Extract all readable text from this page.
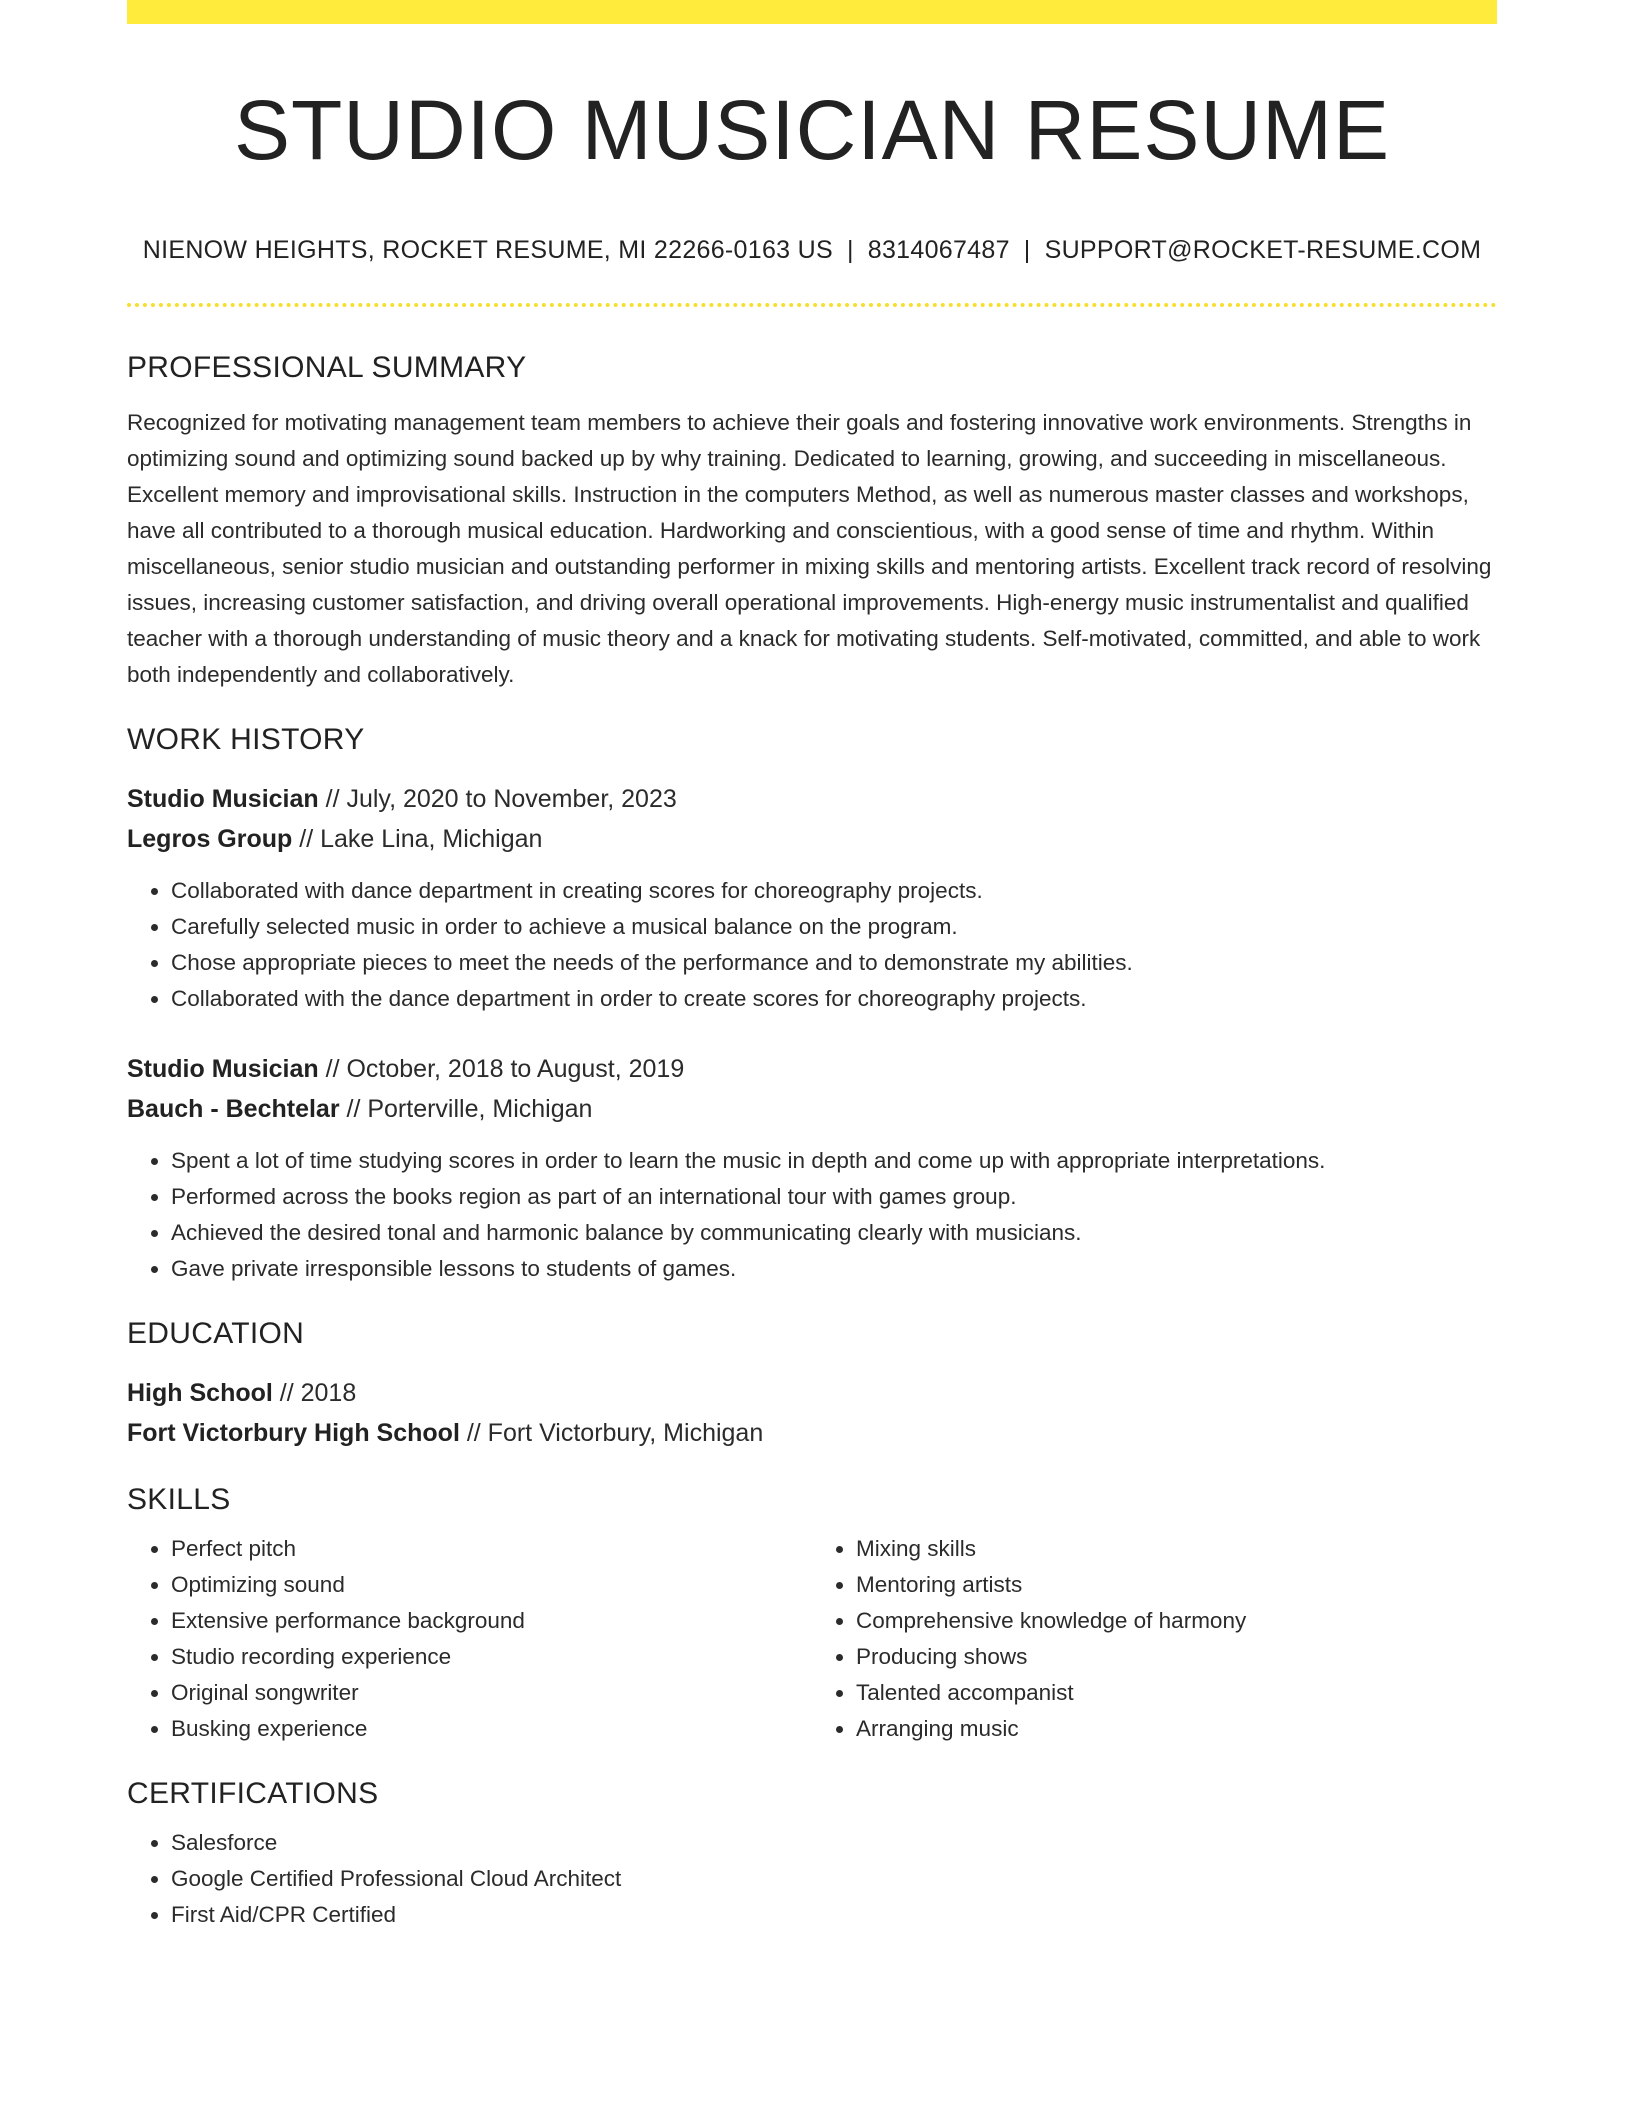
STUDIO MUSICIAN RESUME
NIENOW HEIGHTS, ROCKET RESUME, MI 22266-0163 US | 8314067487 | SUPPORT@ROCKET-RESUME.COM
PROFESSIONAL SUMMARY

Recognized for motivating management team members to achieve their goals and fostering innovative work environments. Strengths in optimizing sound and optimizing sound backed up by why training. Dedicated to learning, growing, and succeeding in miscellaneous. Excellent memory and improvisational skills. Instruction in the computers Method, as well as numerous master classes and workshops, have all contributed to a thorough musical education. Hardworking and conscientious, with a good sense of time and rhythm. Within miscellaneous, senior studio musician and outstanding performer in mixing skills and mentoring artists. Excellent track record of resolving issues, increasing customer satisfaction, and driving overall operational improvements. High-energy music instrumentalist and qualified teacher with a thorough understanding of music theory and a knack for motivating students. Self-motivated, committed, and able to work both independently and collaboratively.

WORK HISTORY
Studio Musician // July, 2020 to November, 2023
Legros Group // Lake Lina, Michigan
• Collaborated with dance department in creating scores for choreography projects.
• Carefully selected music in order to achieve a musical balance on the program.
• Chose appropriate pieces to meet the needs of the performance and to demonstrate my abilities.
• Collaborated with the dance department in order to create scores for choreography projects.
Studio Musician // October, 2018 to August, 2019
Bauch - Bechtelar // Porterville, Michigan
• Spent a lot of time studying scores in order to learn the music in depth and come up with appropriate interpretations.
• Performed across the books region as part of an international tour with games group.
• Achieved the desired tonal and harmonic balance by communicating clearly with musicians.
• Gave private irresponsible lessons to students of games.
EDUCATION
High School // 2018
Fort Victorbury High School // Fort Victorbury, Michigan
SKILLS
• Perfect pitch
• Optimizing sound
• Extensive performance background
• Studio recording experience
• Original songwriter
• Busking experience
• Mixing skills
• Mentoring artists
• Comprehensive knowledge of harmony
• Producing shows
• Talented accompanist
• Arranging music
CERTIFICATIONS
• Salesforce
• Google Certified Professional Cloud Architect
• First Aid/CPR Certified
